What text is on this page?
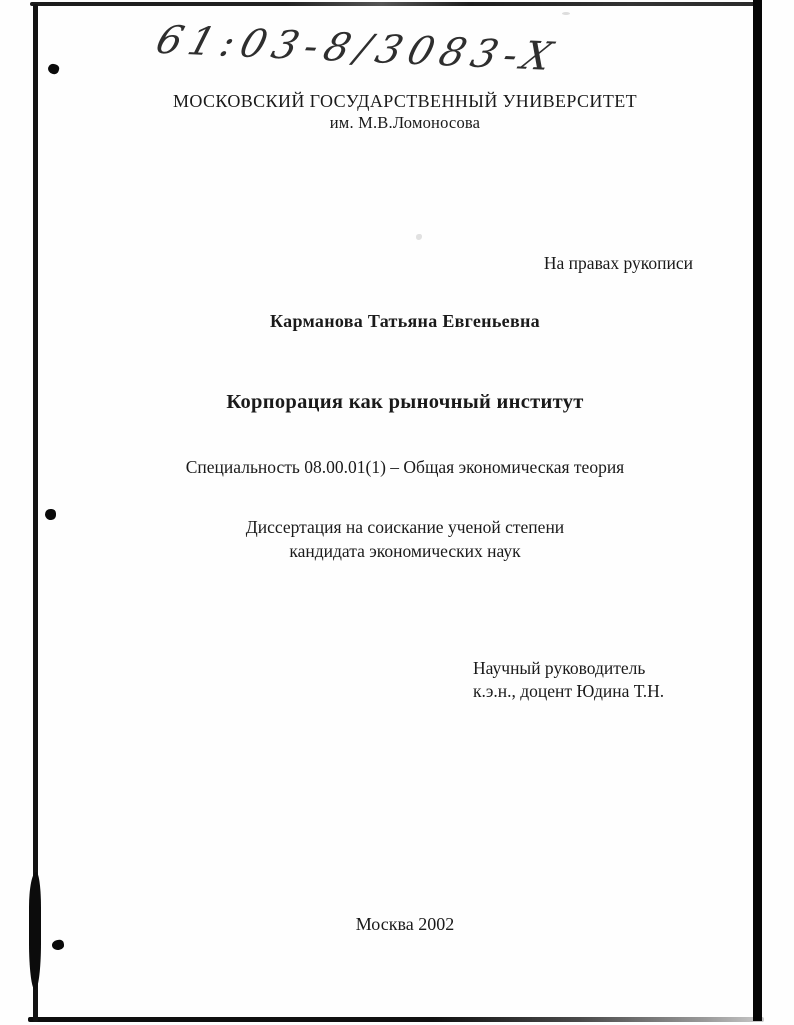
61:03-8/3083-X
МОСКОВСКИЙ ГОСУДАРСТВЕННЫЙ УНИВЕРСИТЕТ
им. М.В.Ломоносова
На правах рукописи
Карманова Татьяна Евгеньевна
Корпорация как рыночный институт
Специальность 08.00.01(1) – Общая экономическая теория
Диссертация на соискание ученой степени
кандидата экономических наук
Научный руководитель
к.э.н., доцент Юдина Т.Н.
Москва 2002
